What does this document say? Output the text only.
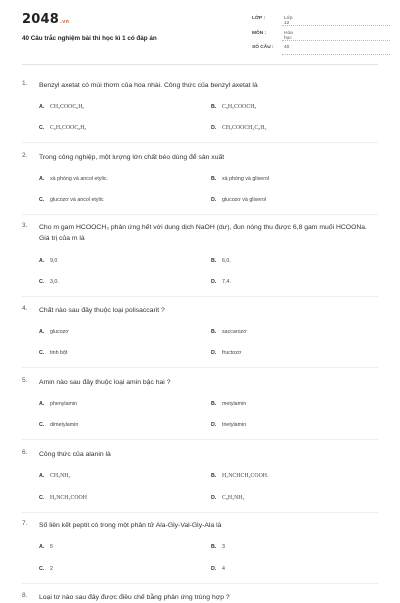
2048.vn
40 Câu trắc nghiệm bài thi học kì 1 có đáp án
LỚP :	Lớp 12
MÔN :	Hóa học
SỐ CÂU :	40
1. Benzyl axetat có mùi thơm của hoa nhài. Công thức của benzyl axetat là
A. CH₃COOC₆H₅	B. C₆H₅COOCH₃
C. C₆H₅COOC₆H₅	D. CH₃COOCH₂C₆H₅
2. Trong công nghiệp, một lượng lớn chất béo dùng để sản xuất
A. xà phòng và ancol etylic.	B. xà phòng và glixerol
C. glucozơ và ancol etylic	D. glucozơ và glixerol
3. Cho m gam HCOOCH₃ phản ứng hết với dung dịch NaOH (dư), đun nóng thu được 6,8 gam muối HCOONa. Giá trị của m là
A. 9,0	B. 6,0.
C. 3,0.	D. 7,4.
4. Chất nào sau đây thuộc loại polisaccarit ?
A. glucozơ	B. saccarozơ
C. tinh bột	D. fructozơ
5. Amin nào sau đây thuộc loại amin bậc hai ?
A. phenylamin	B. metylamin
C. dimetylamin	D. trietylamin
6. Công thức của alanin là
A. CH₃NH₂	B. H₂NCHCH₃COOH.
C. H₂NCH₂COOH	D. C₆H₅NH₂
7. Số liên kết peptit có trong một phân tử Ala-Gly-Val-Gly-Ala là
A. 5	B. 3
C. 2	D. 4
8. Loại tơ nào sau đây được điều chế bằng phản ứng trùng hợp ?
